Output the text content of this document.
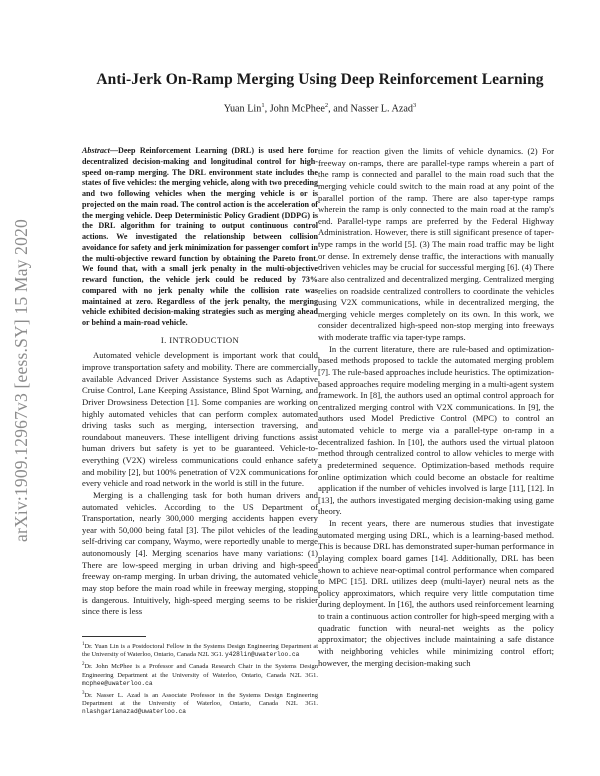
arXiv:1909.12967v3 [eess.SY] 15 May 2020
Anti-Jerk On-Ramp Merging Using Deep Reinforcement Learning
Yuan Lin$^1$, John McPhee$^2$, and Nasser L. Azad$^3$

Abstract—Deep Reinforcement Learning (DRL) is used here for decentralized decision-making and longitudinal control for high-speed on-ramp merging. The DRL environment state includes the states of five vehicles: the merging vehicle, along with two preceding and two following vehicles when the merging vehicle is or is projected on the main road. The control action is the acceleration of the merging vehicle. Deep Deterministic Policy Gradient (DDPG) is the DRL algorithm for training to output continuous control actions. We investigated the relationship between collision avoidance for safety and jerk minimization for passenger comfort in the multi-objective reward function by obtaining the Pareto front. We found that, with a small jerk penalty in the multi-objective reward function, the vehicle jerk could be reduced by 73% compared with no jerk penalty while the collision rate was maintained at zero. Regardless of the jerk penalty, the merging vehicle exhibited decision-making strategies such as merging ahead or behind a main-road vehicle.

I. INTRODUCTION

Automated vehicle development is important work that could improve transportation safety and mobility. There are commercially available Advanced Driver Assistance Systems such as Adaptive Cruise Control, Lane Keeping Assistance, Blind Spot Warning, and Driver Drowsiness Detection [1]. Some companies are working on highly automated vehicles that can perform complex automated driving tasks such as merging, intersection traversing, and roundabout maneuvers. These intelligent driving functions assist human drivers but safety is yet to be guaranteed. Vehicle-to-everything (V2X) wireless communications could enhance safety and mobility [2], but 100% penetration of V2X communications for every vehicle and road network in the world is still in the future.

Merging is a challenging task for both human drivers and automated vehicles. According to the US Department of Transportation, nearly 300,000 merging accidents happen every year with 50,000 being fatal [3]. The pilot vehicles of the leading self-driving car company, Waymo, were reportedly unable to merge autonomously [4]. Merging scenarios have many variations: (1) There are low-speed merging in urban driving and high-speed freeway on-ramp merging. In urban driving, the automated vehicle may stop before the main road while in freeway merging, stopping is dangerous. Intuitively, high-speed merging seems to be riskier since there is less

time for reaction given the limits of vehicle dynamics. (2) For freeway on-ramps, there are parallel-type ramps wherein a part of the ramp is connected and parallel to the main road such that the merging vehicle could switch to the main road at any point of the parallel portion of the ramp. There are also taper-type ramps wherein the ramp is only connected to the main road at the ramp's end. Parallel-type ramps are preferred by the Federal Highway Administration. However, there is still significant presence of taper-type ramps in the world [5]. (3) The main road traffic may be light or dense. In extremely dense traffic, the interactions with manually driven vehicles may be crucial for successful merging [6]. (4) There are also centralized and decentralized merging. Centralized merging relies on roadside centralized controllers to coordinate the vehicles using V2X communications, while in decentralized merging, the merging vehicle merges completely on its own. In this work, we consider decentralized high-speed non-stop merging into freeways with moderate traffic via taper-type ramps.

In the current literature, there are rule-based and optimization-based methods proposed to tackle the automated merging problem [7]. The rule-based approaches include heuristics. The optimization-based approaches require modeling merging in a multi-agent system framework. In [8], the authors used an optimal control approach for centralized merging control with V2X communications. In [9], the authors used Model Predictive Control (MPC) to control an automated vehicle to merge via a parallel-type on-ramp in a decentralized fashion. In [10], the authors used the virtual platoon method through centralized control to allow vehicles to merge with a predetermined sequence. Optimization-based methods require online optimization which could become an obstacle for realtime application if the number of vehicles involved is large [11], [12]. In [13], the authors investigated merging decision-making using game theory.

In recent years, there are numerous studies that investigate automated merging using DRL, which is a learning-based method. This is because DRL has demonstrated super-human performance in playing complex board games [14]. Additionally, DRL has been shown to achieve near-optimal control performance when compared to MPC [15]. DRL utilizes deep (multi-layer) neural nets as the policy approximators, which require very little computation time during deployment. In [16], the authors used reinforcement learning to train a continuous action controller for high-speed merging with a quadratic function with neural-net weights as the policy approximator; the objectives include maintaining a safe distance with neighboring vehicles while minimizing control effort; however, the merging decision-making such

$^1$Dr. Yuan Lin is a Postdoctoral Fellow in the Systems Design Engineering Department at the University of Waterloo, Ontario, Canada N2L 3G1. y428lin@uwaterloo.ca

$^2$Dr. John McPhee is a Professor and Canada Research Chair in the Systems Design Engineering Department at the University of Waterloo, Ontario, Canada N2L 3G1. mcphee@uwaterloo.ca

$^3$Dr. Nasser L. Azad is an Associate Professor in the Systems Design Engineering Department at the University of Waterloo, Ontario, Canada N2L 3G1. nlashgarianazad@uwaterloo.ca
